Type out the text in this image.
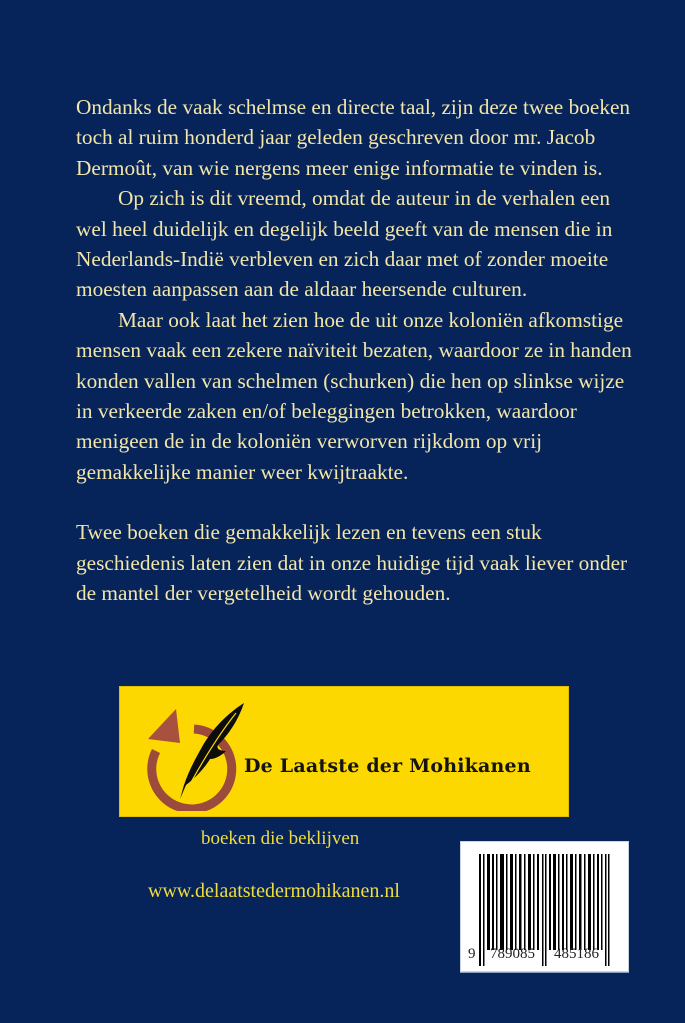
Ondanks de vaak schelmse en directe taal, zijn deze twee boeken toch al ruim honderd jaar geleden geschreven door mr. Jacob Dermoût, van wie nergens meer enige informatie te vinden is.

Op zich is dit vreemd, omdat de auteur in de verhalen een wel heel duidelijk en degelijk beeld geeft van de mensen die in Nederlands-Indië verbleven en zich daar met of zonder moeite moesten aanpassen aan de aldaar heersende culturen.

Maar ook laat het zien hoe de uit onze koloniën afkomstige mensen vaak een zekere naïviteit bezaten, waardoor ze in handen konden vallen van schelmen (schurken) die hen op slinkse wijze in verkeerde zaken en/of beleggingen betrokken, waardoor menigeen de in de koloniën verworven rijkdom op vrij gemakkelijke manier weer kwijtraakte.

Twee boeken die gemakkelijk lezen en tevens een stuk geschiedenis laten zien dat in onze huidige tijd vaak liever onder de mantel der vergetelheid wordt gehouden.

De Laatste der Mohikanen
boeken die beklijven
www.delaatstedermohikanen.nl
9 789085 485186
